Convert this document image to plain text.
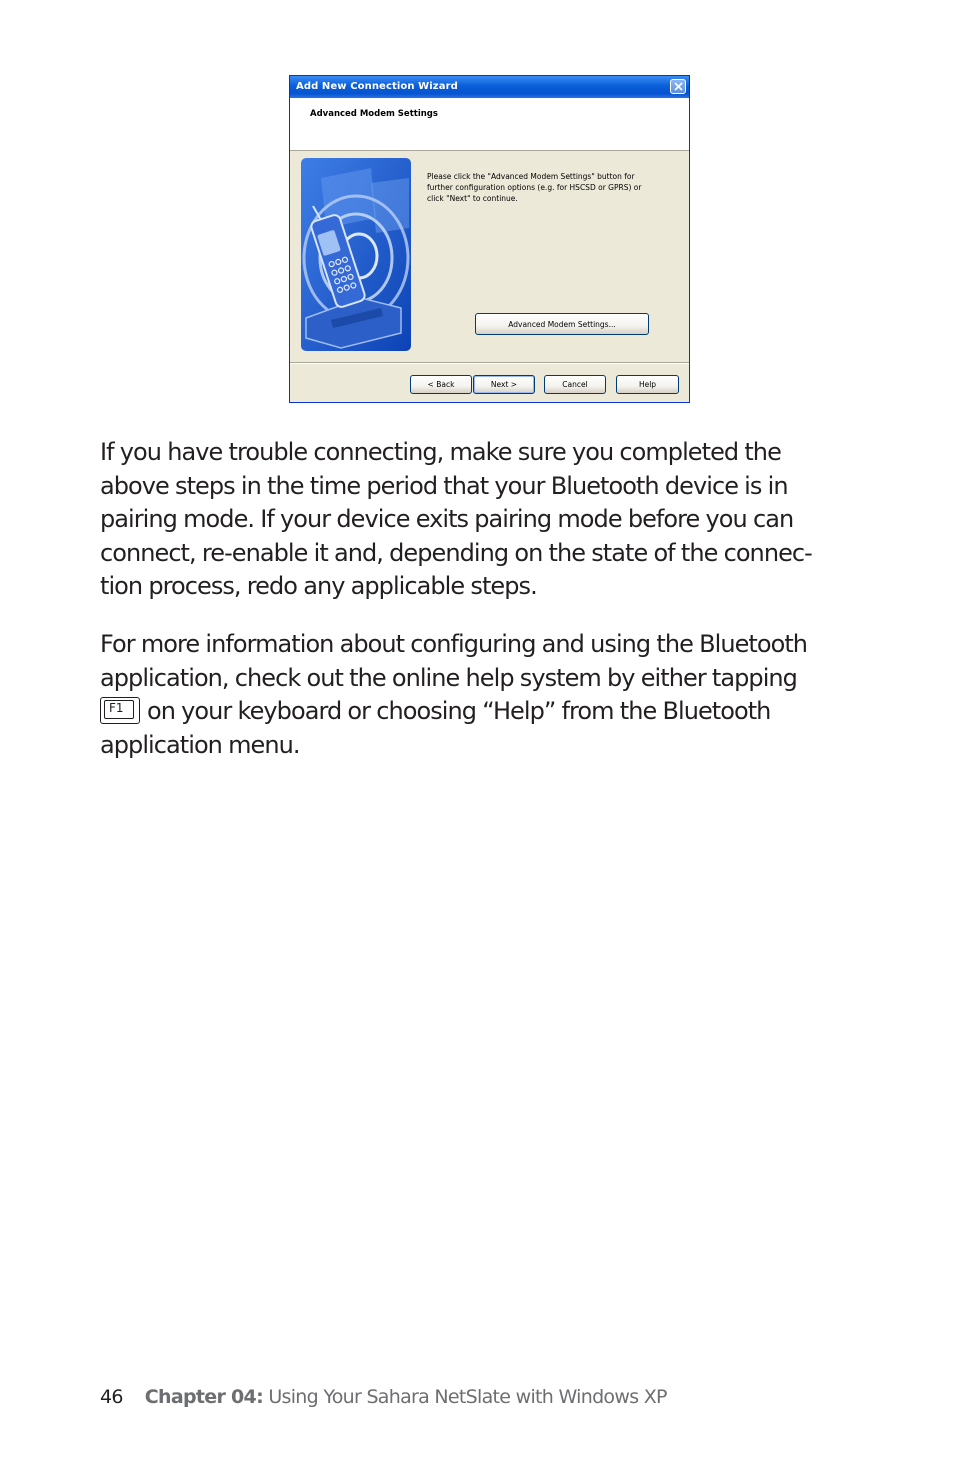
Add New Connection Wizard
Advanced Modem Settings
Please click the "Advanced Modem Settings" button for further configuration options (e.g. for HSCSD or GPRS) or click "Next" to continue.
Advanced Modem Settings...
< Back	Next >	Cancel	Help
If you have trouble connecting, make sure you completed the
above steps in the time period that your Bluetooth device is in
pairing mode. If your device exits pairing mode before you can
connect, re-enable it and, depending on the state of the connec-
tion process, redo any applicable steps.
For more information about configuring and using the Bluetooth
application, check out the online help system by either tapping
F1 on your keyboard or choosing “Help” from the Bluetooth
application menu.
46 Chapter 04: Using Your Sahara NetSlate with Windows XP
